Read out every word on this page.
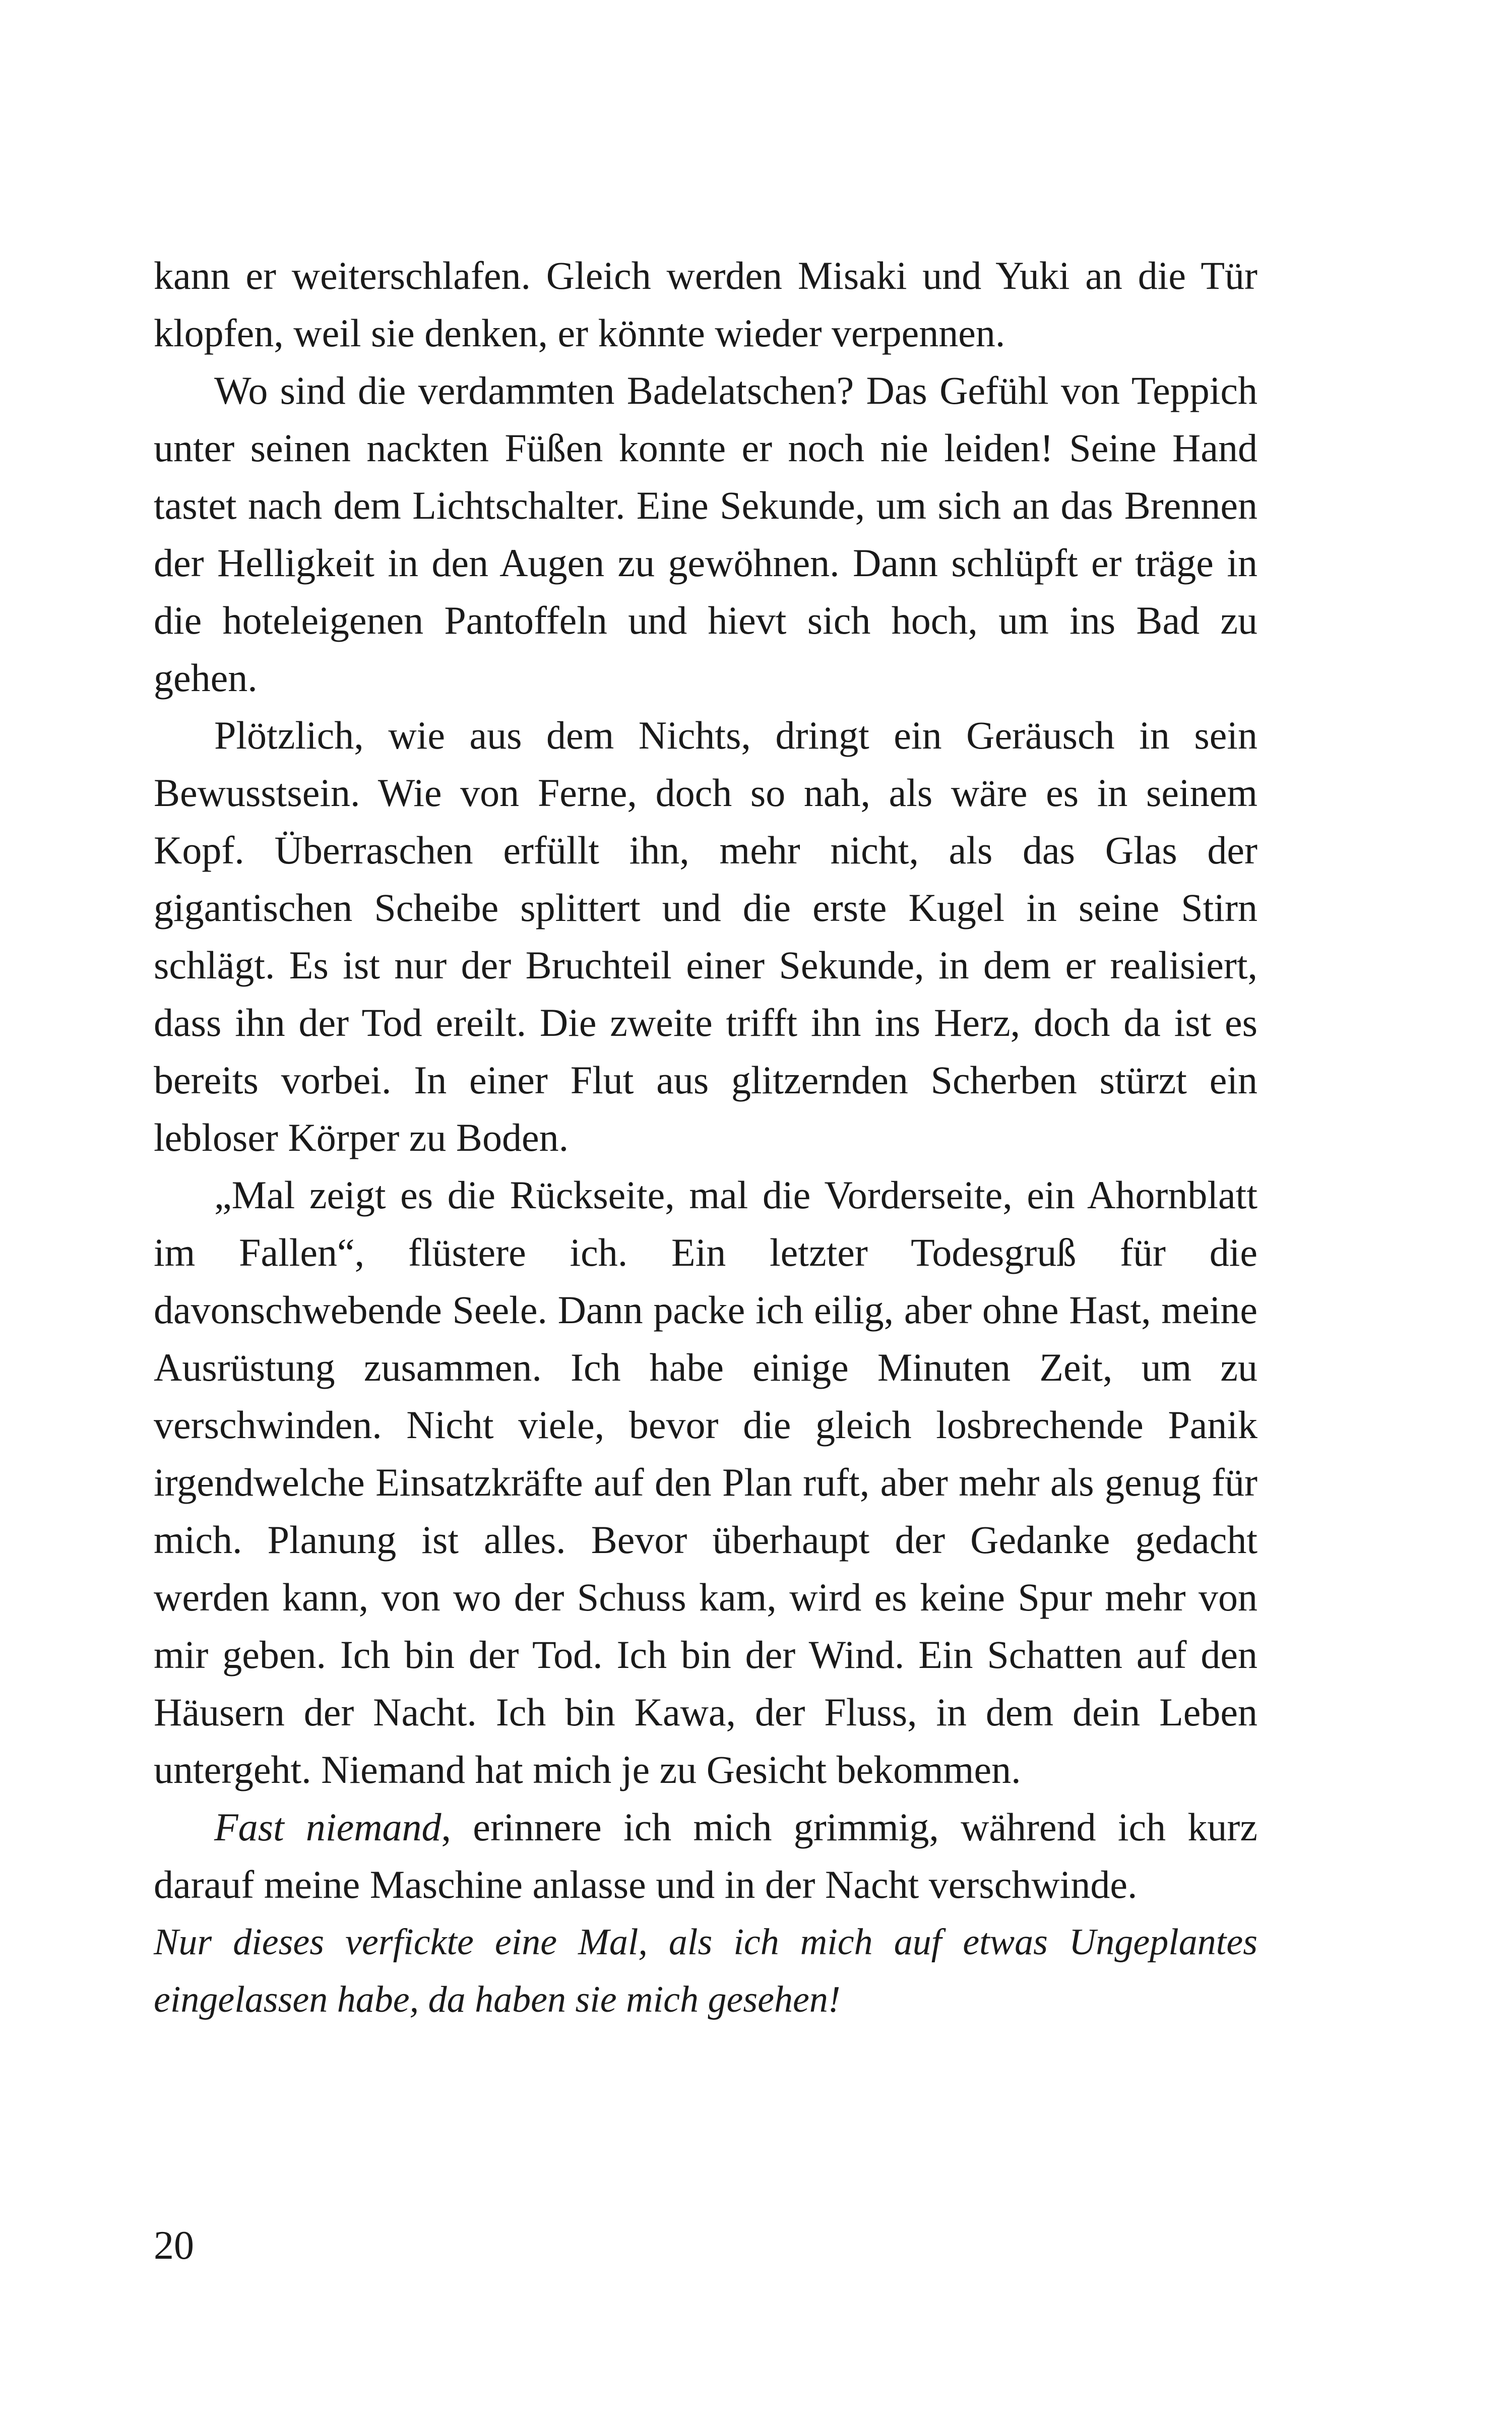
kann er weiterschlafen. Gleich werden Misaki und Yuki an die Tür klopfen, weil sie denken, er könnte wieder verpennen.

Wo sind die verdammten Badelatschen? Das Gefühl von Teppich unter seinen nackten Füßen konnte er noch nie leiden! Seine Hand tastet nach dem Lichtschalter. Eine Sekunde, um sich an das Brennen der Helligkeit in den Augen zu gewöhnen. Dann schlüpft er träge in die hoteleigenen Pantoffeln und hievt sich hoch, um ins Bad zu gehen.

Plötzlich, wie aus dem Nichts, dringt ein Geräusch in sein Bewusstsein. Wie von Ferne, doch so nah, als wäre es in seinem Kopf. Überraschen erfüllt ihn, mehr nicht, als das Glas der gigantischen Scheibe splittert und die erste Kugel in seine Stirn schlägt. Es ist nur der Bruchteil einer Sekunde, in dem er realisiert, dass ihn der Tod ereilt. Die zweite trifft ihn ins Herz, doch da ist es bereits vorbei. In einer Flut aus glitzernden Scherben stürzt ein lebloser Körper zu Boden.

„Mal zeigt es die Rückseite, mal die Vorderseite, ein Ahornblatt im Fallen“, flüstere ich. Ein letzter Todesgruß für die davonschwebende Seele. Dann packe ich eilig, aber ohne Hast, meine Ausrüstung zusammen. Ich habe einige Minuten Zeit, um zu verschwinden. Nicht viele, bevor die gleich losbrechende Panik irgendwelche Einsatzkräfte auf den Plan ruft, aber mehr als genug für mich. Planung ist alles. Bevor überhaupt der Gedanke gedacht werden kann, von wo der Schuss kam, wird es keine Spur mehr von mir geben. Ich bin der Tod. Ich bin der Wind. Ein Schatten auf den Häusern der Nacht. Ich bin Kawa, der Fluss, in dem dein Leben untergeht. Niemand hat mich je zu Gesicht bekommen.

Fast niemand, erinnere ich mich grimmig, während ich kurz darauf meine Maschine anlasse und in der Nacht verschwinde.

Nur dieses verfickte eine Mal, als ich mich auf etwas Ungeplantes eingelassen habe, da haben sie mich gesehen!

20
